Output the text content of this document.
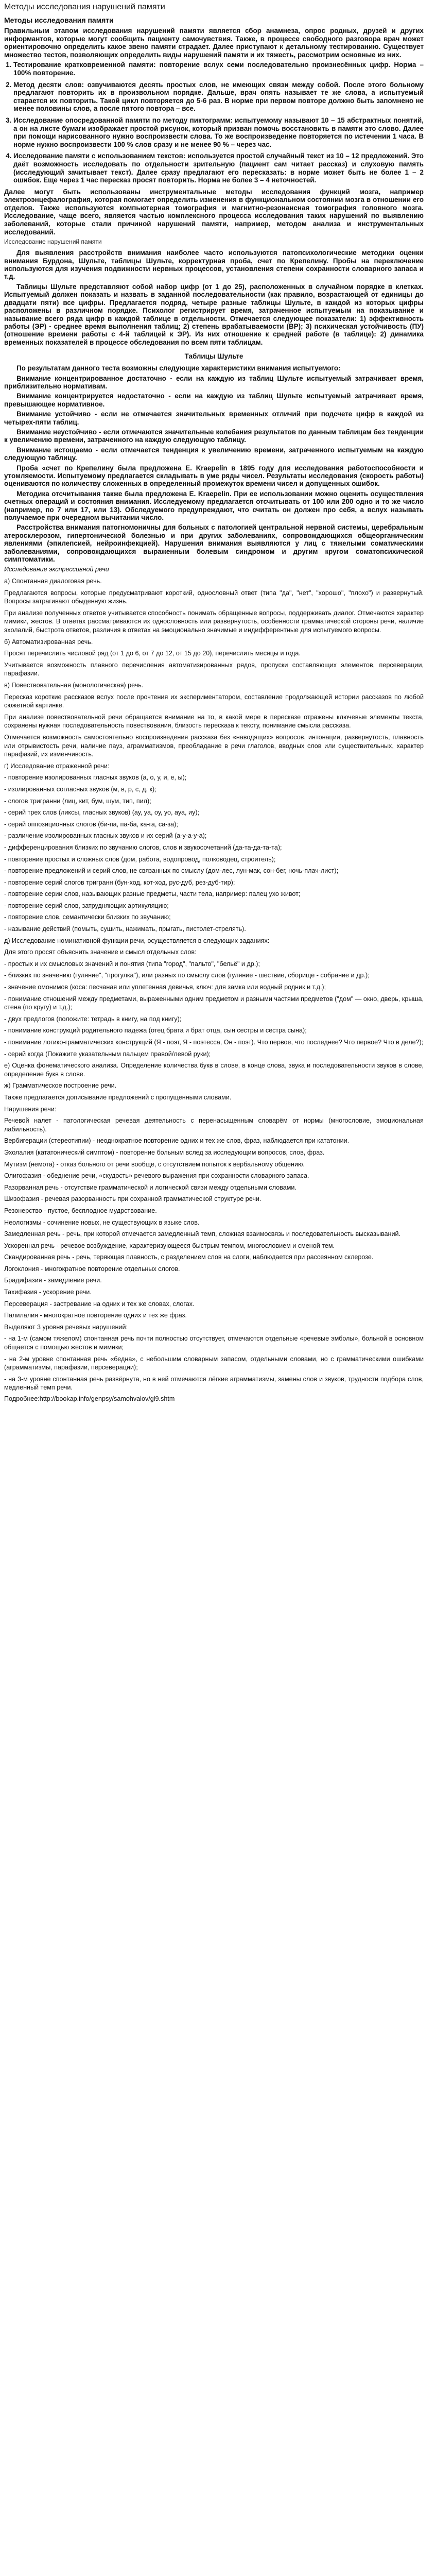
Методы исследования нарушений памяти
Методы исследования памяти

Правильным этапом исследования нарушений памяти является сбор анамнеза, опрос родных, друзей и других информантов, которые могут сообщить пациенту самочувствия. Также, в процессе свободного разговора врач может ориентировочно определить какое звено памяти страдает. Далее приступают к детальному тестированию. Существует множество тестов, позволяющих определить виды нарушений памяти и их тяжесть, рассмотрим основные из них.

1. Тестирование кратковременной памяти: повторение вслух семи последовательно произнесённых цифр. Норма – 100% повторение.
2. Метод десяти слов: озвучиваются десять простых слов, не имеющих связи между собой. После этого больному предлагают повторить их в произвольном порядке. Дальше, врач опять называет те же слова, а испытуемый старается их повторить. Такой цикл повторяется до 5-6 раз. В норме при первом повторе должно быть запомнено не менее половины слов, а после пятого повтора – все.
3. Исследование опосредованной памяти по методу пиктограмм: испытуемому называют 10 – 15 абстрактных понятий, а он на листе бумаги изображает простой рисунок, который призван помочь восстановить в памяти это слово. Далее при помощи нарисованного нужно воспроизвести слова. То же воспроизведение повторяется по истечении 1 часа. В норме нужно воспроизвести 100 % слов сразу и не менее 90 % – через час.
4. Исследование памяти с использованием текстов: используется простой случайный текст из 10 – 12 предложений. Это даёт возможность исследовать по отдельности зрительную (пациент сам читает рассказ) и слуховую память (исследующий зачитывает текст). Далее сразу предлагают его пересказать: в норме может быть не более 1 – 2 ошибок. Еще через 1 час пересказ просят повторить. Норма не более 3 – 4 неточностей.

Далее могут быть использованы инструментальные методы исследования функций мозга, например электроэнцефалография, которая помогает определить изменения в функциональном состоянии мозга в отношении его отделов. Также используются компьютерная томография и магнитно-резонансная томография головного мозга. Исследование, чаще всего, является частью комплексного процесса исследования таких нарушений по выявлению заболеваний, которые стали причиной нарушений памяти, например, методом анализа и инструментальных исследований.

Исследование нарушений памяти

Для выявления расстройств внимания наиболее часто используются патопсихологические методики оценки внимания Бурдона, Шульте, таблицы Шульте, корректурная проба, счет по Крепелину. Пробы на переключение используются для изучения подвижности нервных процессов, установления степени сохранности словарного запаса и т.д.

Таблицы Шульте представляют собой набор цифр (от 1 до 25), расположенных в случайном порядке в клетках. Испытуемый должен показать и назвать в заданной последовательности (как правило, возрастающей от единицы до двадцати пяти) все цифры. Предлагается подряд, четыре разные таблицы Шульте, в каждой из которых цифры расположены в различном порядке. Психолог регистрирует время, затраченное испытуемым на показывание и называние всего ряда цифр в каждой таблице в отдельности. Отмечается следующее показатели: 1) эффективность работы (ЭР) - среднее время выполнения таблиц; 2) степень врабатываемости (ВР); 3) психическая устойчивость (ПУ) (отношение времени работы с 4-й таблицей к ЭР). Из них отношение к средней работе (в таблице): 2) динамика временных показателей в процессе обследования по всем пяти таблицам.

Таблицы Шульте

По результатам данного теста возможны следующие характеристики внимания испытуемого:

Внимание концентрированное достаточно - если на каждую из таблиц Шульте испытуемый затрачивает время, приблизительно нормативам.

Внимание концентрируется недостаточно - если на каждую из таблиц Шульте испытуемый затрачивает время, превышающее нормативное.

Внимание устойчиво - если не отмечается значительных временных отличий при подсчете цифр в каждой из четырех-пяти таблиц.

Внимание неустойчиво - если отмечаются значительные колебания результатов по данным таблицам без тенденции к увеличению времени, затраченного на каждую следующую таблицу.

Внимание истощаемо - если отмечается тенденция к увеличению времени, затраченного испытуемым на каждую следующую таблицу.

Проба «счет по Крепелину была предложена Е. Kraepelin в 1895 году для исследования работоспособности и утомляемости. Испытуемому предлагается складывать в уме ряды чисел. Результаты исследования (скорость работы) оцениваются по количеству сложенных в определенный промежуток времени чисел и допущенных ошибок.

Методика отсчитывания также была предложена Е. Kraepelin. При ее использовании можно оценить осуществления счетных операций и состояния внимания. Исследуемому предлагается отсчитывать от 100 или 200 одно и то же число (например, по 7 или 17, или 13). Обследуемого предупреждают, что считать он должен про себя, а вслух называть получаемое при очередном вычитании число.

Расстройства внимания патогномоничны для больных с патологией центральной нервной системы, церебральным атеросклерозом, гипертонической болезнью и при других заболеваниях, сопровождающихся общеорганическим явлениями (эпилепсией, нейроинфекцией). Нарушения внимания выявляются у лиц с тяжелыми соматическими заболеваниями, сопровождающихся выраженным болевым синдромом и другим кругом соматопсихической симптоматики.

Исследование экспрессивной речи

а) Спонтанная диалоговая речь.

Предлагаются вопросы, которые предусматривают короткий, однословный ответ (типа "да", "нет", "хорошо", "плохо") и развернутый. Вопросы затрагивают обыденную жизнь.

При анализе полученных ответов учитывается способность понимать обращенные вопросы, поддерживать диалог. Отмечаются характер мимики, жестов. В ответах рассматриваются их однословность или развернутость, особенности грамматической стороны речи, наличие эхолалий, быстрота ответов, различия в ответах на эмоционально значимые и индифферентные для испытуемого вопросы.

б) Автоматизированная речь.

Просят перечислить числовой ряд (от 1 до 6, от 7 до 12, от 15 до 20), перечислить месяцы и года.

Учитывается возможность плавного перечисления автоматизированных рядов, пропуски составляющих элементов, персеверации, парафазии.

в) Повествовательная (монологическая) речь.

Пересказ короткие рассказов вслух после прочтения их экспериментатором, составление продолжающей истории рассказов по любой сюжетной картинке.

При анализе повествовательной речи обращается внимание на то, в какой мере в пересказе отражены ключевые элементы текста, сохранены нужная последовательность повествования, близость пересказа к тексту, понимание смысла рассказа.

Отмечается возможность самостоятельно воспроизведения рассказа без «наводящих» вопросов, интонации, развернутость, плавность или отрывистость речи, наличие пауз, аграмматизмов, преобладание в речи глаголов, вводных слов или существительных, характер парафазий, их изменчивость.

г) Исследование отраженной речи:

- повторение изолированных гласных звуков (а, о, у, и, е, ы);

- изолированных согласных звуков (м, в, р, с, д, к);

- слогов тригранни (лиц, кит, бум, шум, тип, пил);

- серий трех слов (ликсы, гласных звуков) (ау, уа, оу, уо, ауа, иу);

- серий оппозиционных слогов (би-па, па-ба, ка-га, са-за);

- различение изолированных гласных звуков и их серий (а-у-а-у-а);

- дифференцирования близких по звучанию слогов, слов и звукосочетаний (да-та-да-та-та);

- повторение простых и сложных слов (дом, работа, водопровод, полководец, строитель);

- повторение предложений и серий слов, не связанных по смыслу (дом-лес, лун-мак, сон-бег, ночь-плач-лист);

- повторение серий слогов тригранн (бун-ход, кот-ход, рус-дуб, рез-дуб-тир);

- повторение серии слов, называющих разные предметы, части тела, например: палец ухо живот;

- повторение серий слов, затрудняющих артикуляцию;

- повторение слов, семантически близких по звучанию;

- называние действий (помыть, сушить, нажимать, прыгать, пистолет-стрелять).

д) Исследование номинативной функции речи, осуществляется в следующих заданиях:

Для этого просят объяснить значение и смысл отдельных слов:

- простых и их смысловых значений и понятия (типа "город", "пальто", "бельё" и др.);

- близких по значению (гуляние", "прогулка"), или разных по смыслу слов (гуляние - шествие, сборище - собрание и др.);

- значение омонимов (коса: песчаная или уплетенная девичья, ключ: для замка или водный родник и т.д.);

- понимание отношений между предметами, выраженными одним предметом и разными частями предметов ("дом" — окно, дверь, крыша, стена (по кругу) и т.д.);

- двух предлогов (положите: тетрадь в книгу, на под книгу);

- понимание конструкций родительного падежа (отец брата и брат отца, сын сестры и сестра сына);

- понимание логико-грамматических конструкций (Я - поэт, Я - поэтесса, Он - поэт). Что первое, что последнее? Что первое? Что в деле?);

- серий когда (Покажите указательным пальцем правой/левой руки);

е) Оценка фонематического анализа. Определение количества букв в слове, в конце слова, звука и последовательности звуков в слове, определение букв в слове.

ж) Грамматическое построение речи.

Также предлагается дописывание предложений с пропущенными словами.

Нарушения речи:

Речевой налет - патологическая речевая деятельность с перенасыщенным словарём от нормы (многословие, эмоциональная лабильность).

Вербигерации (стереотипии) - неоднократное повторение одних и тех же слов, фраз, наблюдается при кататонии.

Эхолалия (кататонический симптом) - повторение больным вслед за исследующим вопросов, слов, фраз.

Мутизм (немота) - отказ больного от речи вообще, с отсутствием попыток к вербальному общению.

Олигофазия - обеднение речи, «скудость» речевого выражения при сохранности словарного запаса.

Разорванная речь - отсутствие грамматической и логической связи между отдельными словами.

Шизофазия - речевая разорванность при сохранной грамматической структуре речи.

Резонерство - пустое, бесплодное мудрствование.

Неологизмы - сочинение новых, не существующих в языке слов.

Замедленная речь - речь, при которой отмечается замедленный темп, сложная взаимосвязь и последовательность высказываний.

Ускоренная речь - речевое возбуждение, характеризующееся быстрым темпом, многословием и сменой тем.

Скандированная речь - речь, теряющая плавность, с разделением слов на слоги, наблюдается при рассеянном склерозе.

Логоклония - многократное повторение отдельных слогов.

Брадифазия - замедление речи.

Тахифазия - ускорение речи.

Персеверация - застревание на одних и тех же словах, слогах.

Палилалия - многократное повторение одних и тех же фраз.

Выделяют 3 уровня речевых нарушений:

- на 1-м (самом тяжелом) спонтанная речь почти полностью отсутствует, отмечаются отдельные «речевые эмболы», больной в основном общается с помощью жестов и мимики;

- на 2-м уровне спонтанная речь «бедна», с небольшим словарным запасом, отдельными словами, но с грамматическими ошибками (аграмматизмы, парафазии, персеверации);

- на 3-м уровне спонтанная речь развёрнута, но в ней отмечаются лёгкие аграмматизмы, замены слов и звуков, трудности подбора слов, медленный темп речи.

Подробнее:http://bookap.info/genpsy/samohvalov/gl9.shtm
